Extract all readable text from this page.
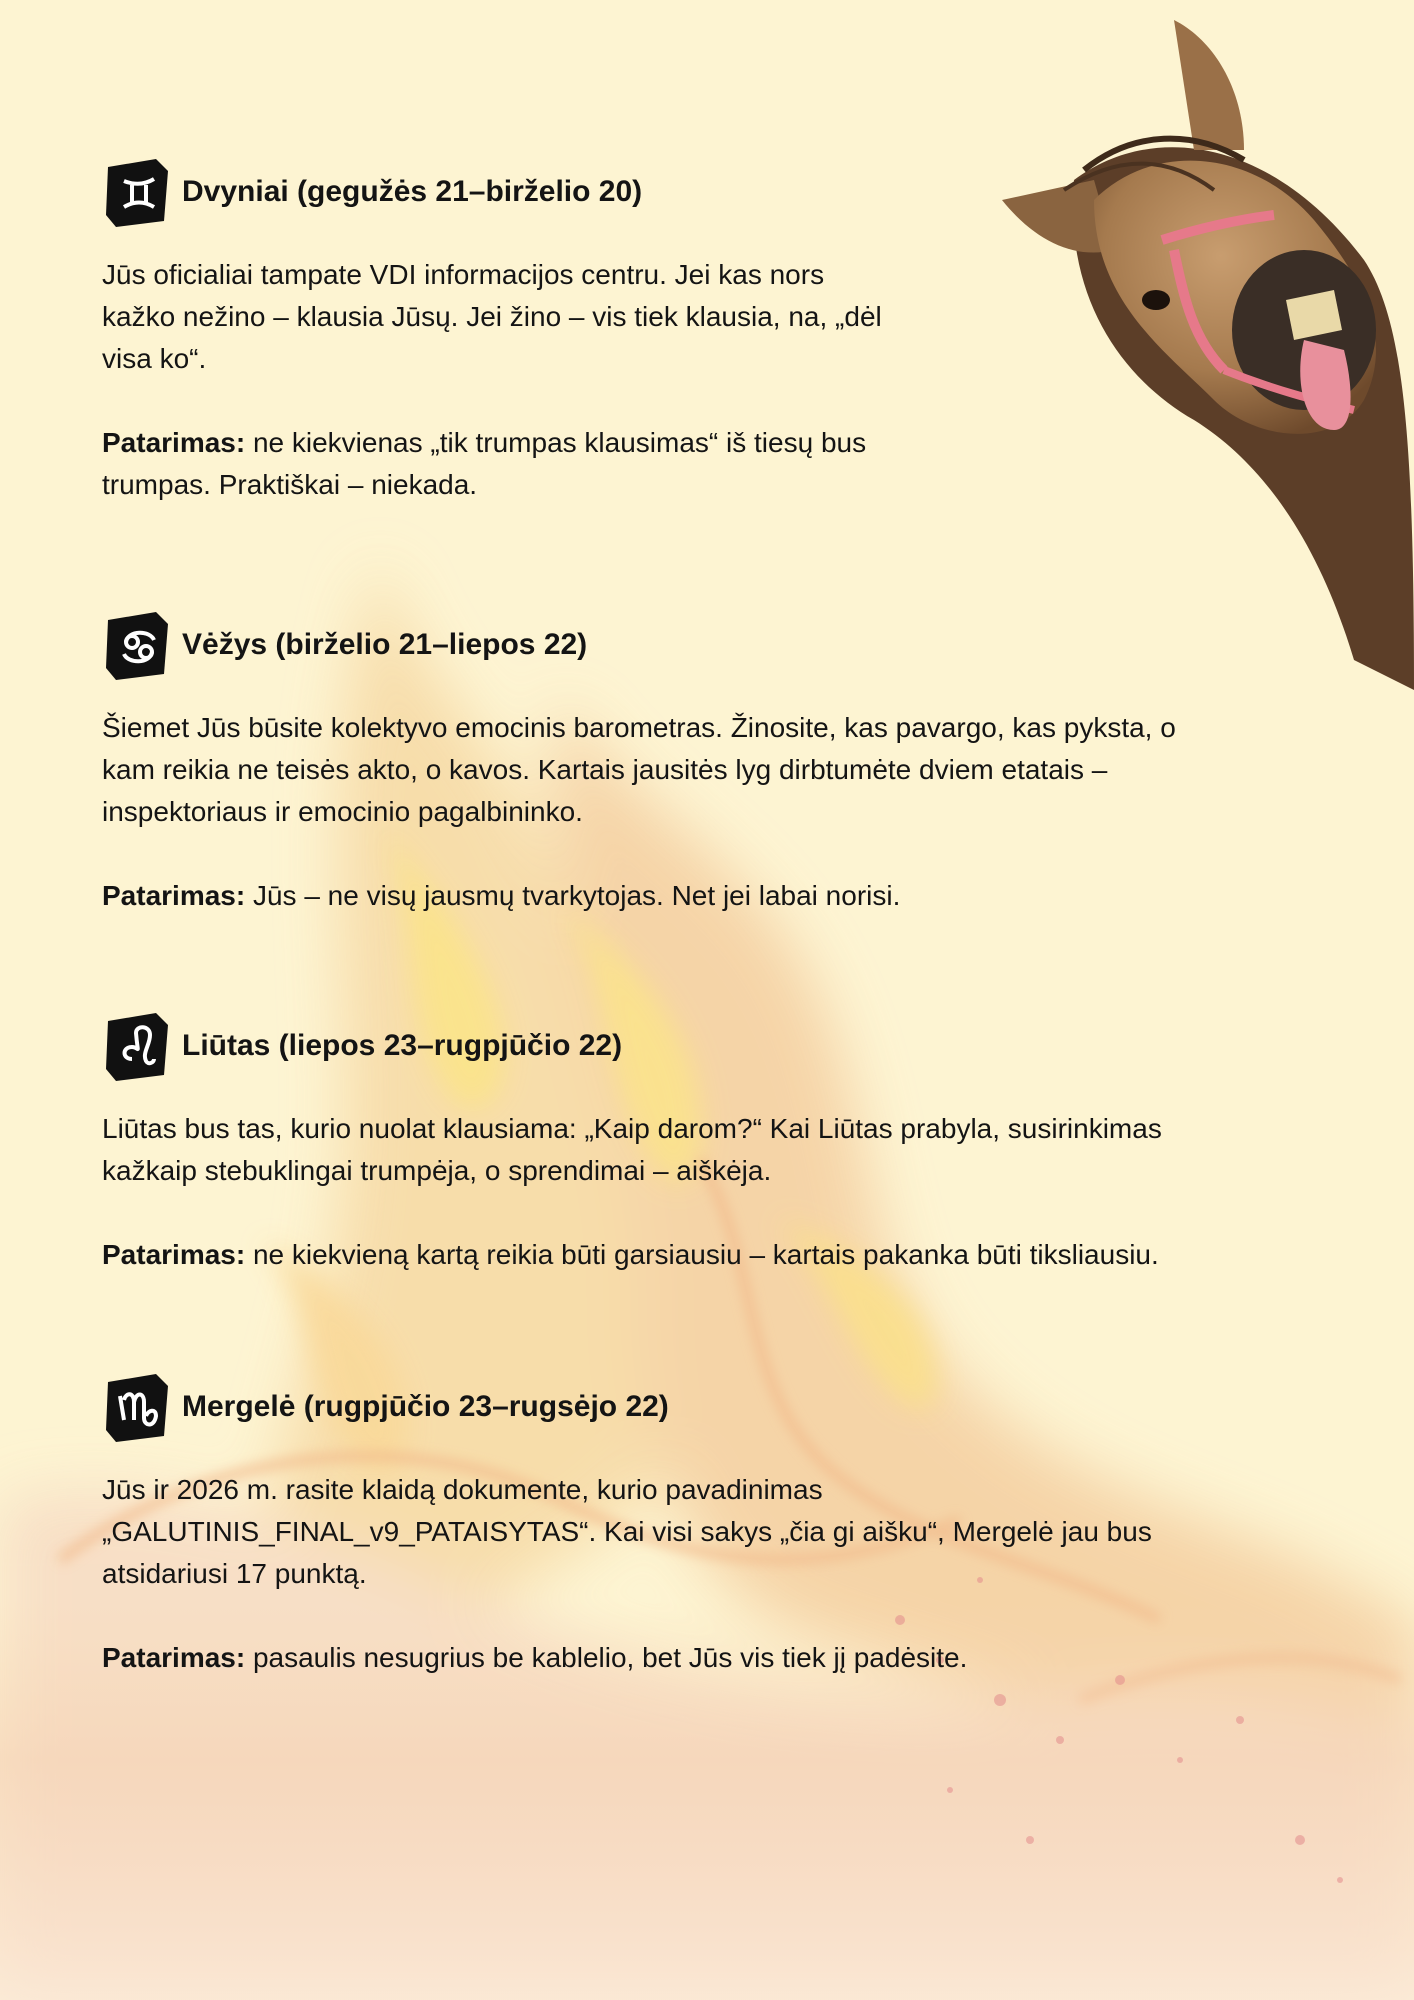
Dvyniai (gegužės 21–birželio 20)

Jūs oficialiai tampate VDI informacijos centru. Jei kas nors
kažko nežino – klausia Jūsų. Jei žino – vis tiek klausia, na, „dėl
visa ko“.

Patarimas: ne kiekvienas „tik trumpas klausimas“ iš tiesų bus
trumpas. Praktiškai – niekada.

Vėžys (birželio 21–liepos 22)

Šiemet Jūs būsite kolektyvo emocinis barometras. Žinosite, kas pavargo, kas pyksta, o
kam reikia ne teisės akto, o kavos. Kartais jausitės lyg dirbtumėte dviem etatais –
inspektoriaus ir emocinio pagalbininko.

Patarimas: Jūs – ne visų jausmų tvarkytojas. Net jei labai norisi.

Liūtas (liepos 23–rugpjūčio 22)

Liūtas bus tas, kurio nuolat klausiama: „Kaip darom?“ Kai Liūtas prabyla, susirinkimas
kažkaip stebuklingai trumpėja, o sprendimai – aiškėja.

Patarimas: ne kiekvieną kartą reikia būti garsiausiu – kartais pakanka būti tiksliausiu.

Mergelė (rugpjūčio 23–rugsėjo 22)

Jūs ir 2026 m. rasite klaidą dokumente, kurio pavadinimas
„GALUTINIS_FINAL_v9_PATAISYTAS“. Kai visi sakys „čia gi aišku“, Mergelė jau bus
atsidariusi 17 punktą.

Patarimas: pasaulis nesugrius be kablelio, bet Jūs vis tiek jį padėsite.
